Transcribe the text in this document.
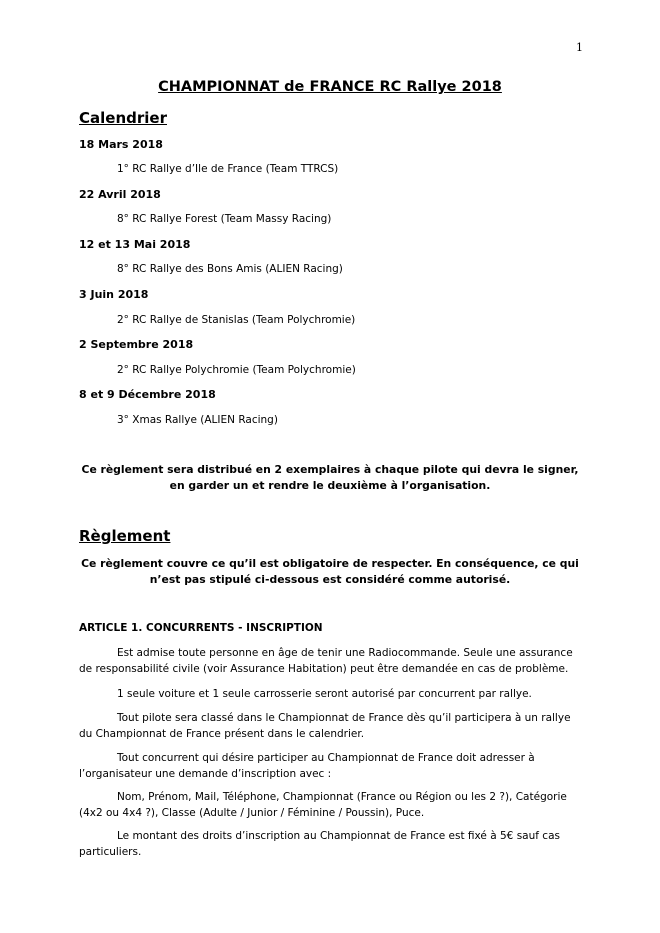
1
CHAMPIONNAT de FRANCE RC Rallye 2018
Calendrier
18 Mars 2018
1° RC Rallye d’Ile de France (Team TTRCS)
22 Avril 2018
8° RC Rallye Forest (Team Massy Racing)
12 et 13 Mai 2018
8° RC Rallye des Bons Amis (ALIEN Racing)
3 Juin 2018
2° RC Rallye de Stanislas (Team Polychromie)
2 Septembre 2018
2° RC Rallye Polychromie (Team Polychromie)
8 et 9 Décembre 2018
3° Xmas Rallye (ALIEN Racing)
Ce règlement sera distribué en 2 exemplaires à chaque pilote qui devra le signer, en garder un et rendre le deuxième à l’organisation.
Règlement
Ce règlement couvre ce qu’il est obligatoire de respecter. En conséquence, ce qui n’est pas stipulé ci-dessous est considéré comme autorisé.
ARTICLE 1. CONCURRENTS - INSCRIPTION
Est admise toute personne en âge de tenir une Radiocommande. Seule une assurance de responsabilité civile (voir Assurance Habitation) peut être demandée en cas de problème.
1 seule voiture et 1 seule carrosserie seront autorisé par concurrent par rallye.
Tout pilote sera classé dans le Championnat de France dès qu’il participera à un rallye du Championnat de France présent dans le calendrier.
Tout concurrent qui désire participer au Championnat de France doit adresser à l’organisateur une demande d’inscription avec :
Nom, Prénom, Mail, Téléphone, Championnat (France ou Région ou les 2 ?), Catégorie (4x2 ou 4x4 ?), Classe (Adulte / Junior / Féminine / Poussin), Puce.
Le montant des droits d’inscription au Championnat de France est fixé à 5€ sauf cas particuliers.
